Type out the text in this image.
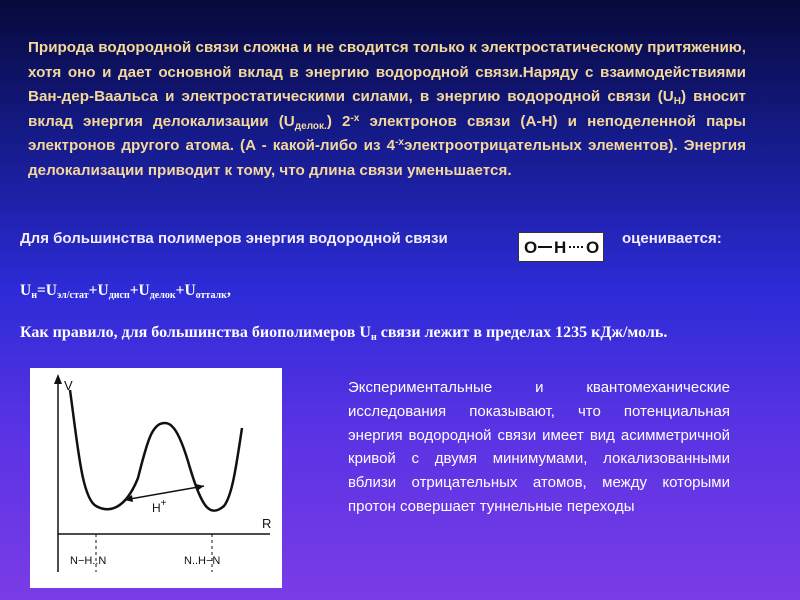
Природа водородной связи сложна и не сводится только к электростатическому притяжению, хотя оно и дает основной вклад в энергию водородной связи.Наряду с взаимодействиями Ван-дер-Ваальса и электростатическими силами, в энергию водородной связи $(U_H)$ вносит вклад энергия делокализации $(U_{делок.})$ $2^{-x}$ электронов связи (A-H) и неподеленной пары электронов другого атома. (A - какой-либо из $4^{-x}электроотрицательных$ элементов). Энергия делокализации приводит к тому, что длина связи уменьшается.

Для большинства полимеров энергия водородной связи	O H O оценивается:
$U_н=U_{эл/стат}+U_{дисп}+U_{делок}+U_{отталк}$,
Как правило, для большинства биополимеров $U_н$ связи лежит в пределах 1235 кДж/моль.
V
R
H+
N−H..N	N..H−N

Экспериментальные и квантомеханические исследования показывают, что потенциальная энергия водородной связи имеет вид асимметричной кривой с двумя минимумами, локализованными вблизи отрицательных атомов, между которыми протон совершает туннельные переходы
